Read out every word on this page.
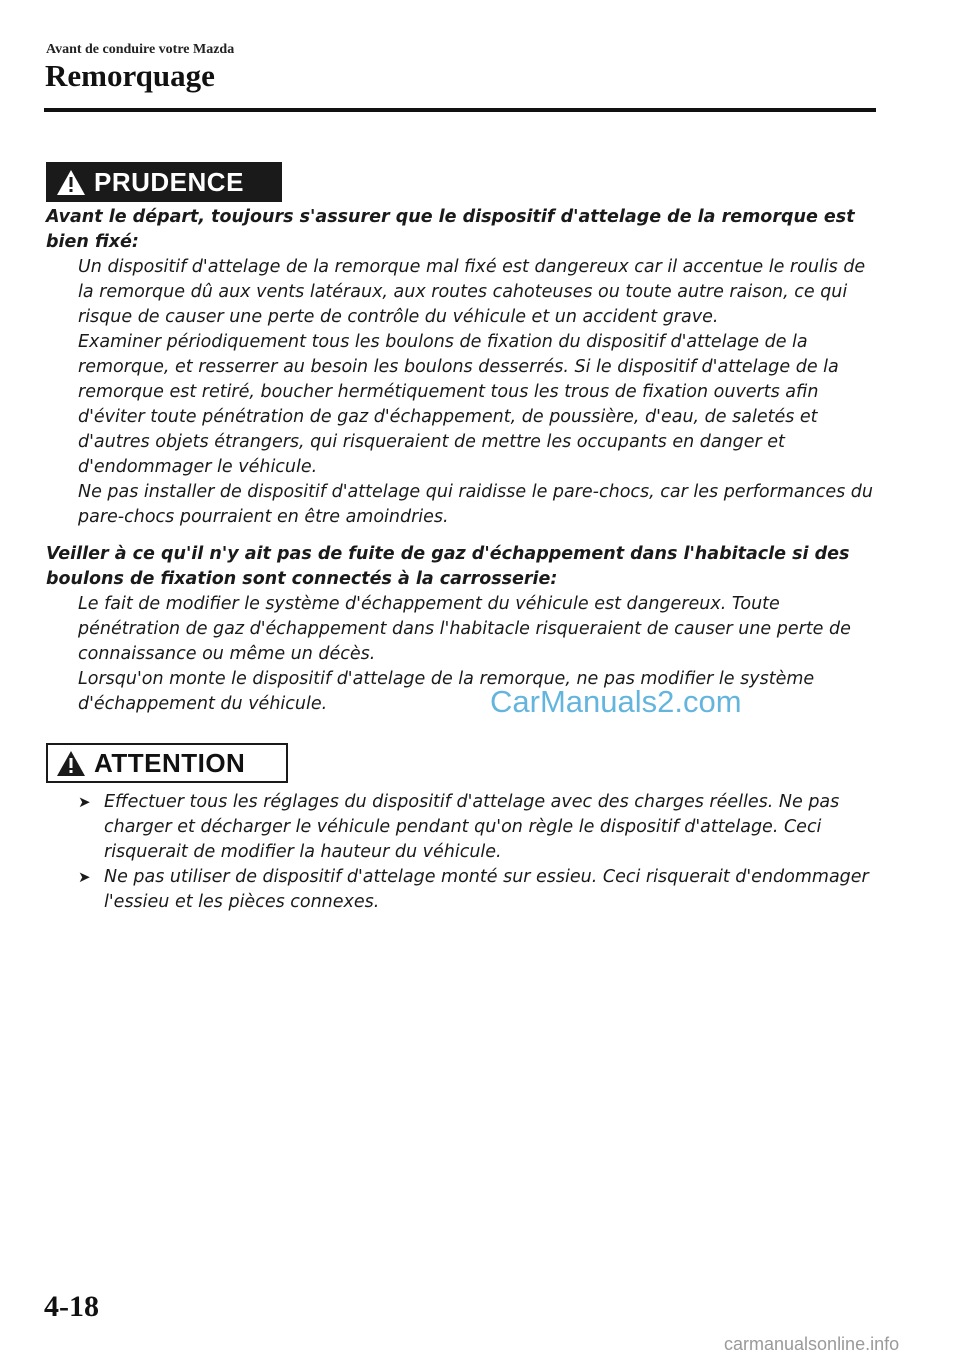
Avant de conduire votre Mazda
Remorquage
PRUDENCE

Avant le départ, toujours s'assurer que le dispositif d'attelage de la remorque est bien fixé:

Un dispositif d'attelage de la remorque mal fixé est dangereux car il accentue le roulis de la remorque dû aux vents latéraux, aux routes cahoteuses ou toute autre raison, ce qui risque de causer une perte de contrôle du véhicule et un accident grave.

Examiner périodiquement tous les boulons de fixation du dispositif d'attelage de la remorque, et resserrer au besoin les boulons desserrés. Si le dispositif d'attelage de la remorque est retiré, boucher hermétiquement tous les trous de fixation ouverts afin d'éviter toute pénétration de gaz d'échappement, de poussière, d'eau, de saletés et d'autres objets étrangers, qui risqueraient de mettre les occupants en danger et d'endommager le véhicule.

Ne pas installer de dispositif d'attelage qui raidisse le pare-chocs, car les performances du pare-chocs pourraient en être amoindries.

Veiller à ce qu'il n'y ait pas de fuite de gaz d'échappement dans l'habitacle si des boulons de fixation sont connectés à la carrosserie:

Le fait de modifier le système d'échappement du véhicule est dangereux. Toute pénétration de gaz d'échappement dans l'habitacle risqueraient de causer une perte de connaissance ou même un décès.

Lorsqu'on monte le dispositif d'attelage de la remorque, ne pas modifier le système d'échappement du véhicule.	CarManuals2.com
ATTENTION
➤ Effectuer tous les réglages du dispositif d'attelage avec des charges réelles. Ne pas charger et décharger le véhicule pendant qu'on règle le dispositif d'attelage. Ceci risquerait de modifier la hauteur du véhicule.
➤ Ne pas utiliser de dispositif d'attelage monté sur essieu. Ceci risquerait d'endommager l'essieu et les pièces connexes.
4-18
carmanualsonline.info
